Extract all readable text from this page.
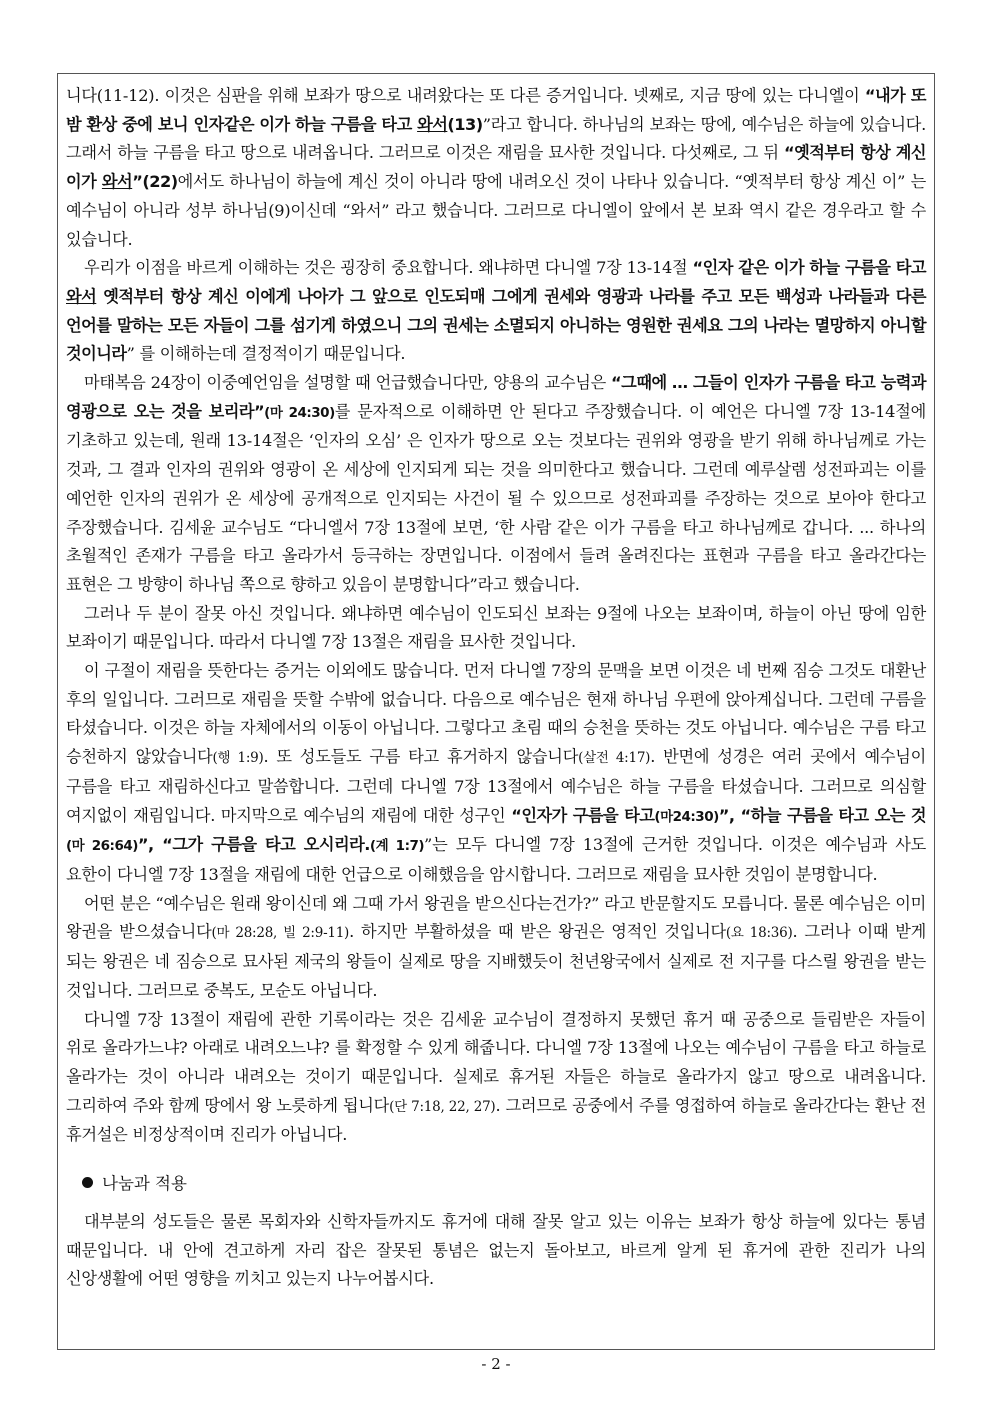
니다(11-12). 이것은 심판을 위해 보좌가 땅으로 내려왔다는 또 다른 증거입니다. 넷째로, 지금 땅에 있는 다니엘이 “내가 또 밤 환상 중에 보니 인자같은 이가 하늘 구름을 타고 와서(13)”라고 합니다. 하나님의 보좌는 땅에, 예수님은 하늘에 있습니다. 그래서 하늘 구름을 타고 땅으로 내려옵니다. 그러므로 이것은 재림을 묘사한 것입니다. 다섯째로, 그 뒤 “옛적부터 항상 계신 이가 와서”(22)에서도 하나님이 하늘에 계신 것이 아니라 땅에 내려오신 것이 나타나 있습니다. “옛적부터 항상 계신 이” 는 예수님이 아니라 성부 하나님(9)이신데 “와서” 라고 했습니다. 그러므로 다니엘이 앞에서 본 보좌 역시 같은 경우라고 할 수 있습니다.

우리가 이점을 바르게 이해하는 것은 굉장히 중요합니다. 왜냐하면 다니엘 7장 13-14절 “인자 같은 이가 하늘 구름을 타고 와서 옛적부터 항상 계신 이에게 나아가 그 앞으로 인도되매 그에게 권세와 영광과 나라를 주고 모든 백성과 나라들과 다른 언어를 말하는 모든 자들이 그를 섬기게 하였으니 그의 권세는 소멸되지 아니하는 영원한 권세요 그의 나라는 멸망하지 아니할 것이니라” 를 이해하는데 결정적이기 때문입니다.

마태복음 24장이 이중예언임을 설명할 때 언급했습니다만, 양용의 교수님은 “그때에 … 그들이 인자가 구름을 타고 능력과 영광으로 오는 것을 보리라”(마 24:30)를 문자적으로 이해하면 안 된다고 주장했습니다. 이 예언은 다니엘 7장 13-14절에 기초하고 있는데, 원래 13-14절은 ‘인자의 오심’ 은 인자가 땅으로 오는 것보다는 권위와 영광을 받기 위해 하나님께로 가는 것과, 그 결과 인자의 권위와 영광이 온 세상에 인지되게 되는 것을 의미한다고 했습니다. 그런데 예루살렘 성전파괴는 이를 예언한 인자의 권위가 온 세상에 공개적으로 인지되는 사건이 될 수 있으므로 성전파괴를 주장하는 것으로 보아야 한다고 주장했습니다. 김세윤 교수님도 “다니엘서 7장 13절에 보면, ‘한 사람 같은 이가 구름을 타고 하나님께로 갑니다. ... 하나의 초월적인 존재가 구름을 타고 올라가서 등극하는 장면입니다. 이점에서 들려 올려진다는 표현과 구름을 타고 올라간다는 표현은 그 방향이 하나님 쪽으로 향하고 있음이 분명합니다”라고 했습니다.

그러나 두 분이 잘못 아신 것입니다. 왜냐하면 예수님이 인도되신 보좌는 9절에 나오는 보좌이며, 하늘이 아닌 땅에 임한 보좌이기 때문입니다. 따라서 다니엘 7장 13절은 재림을 묘사한 것입니다.

이 구절이 재림을 뜻한다는 증거는 이외에도 많습니다. 먼저 다니엘 7장의 문맥을 보면 이것은 네 번째 짐승 그것도 대환난 후의 일입니다. 그러므로 재림을 뜻할 수밖에 없습니다. 다음으로 예수님은 현재 하나님 우편에 앉아계십니다. 그런데 구름을 타셨습니다. 이것은 하늘 자체에서의 이동이 아닙니다. 그렇다고 초림 때의 승천을 뜻하는 것도 아닙니다. 예수님은 구름 타고 승천하지 않았습니다(행 1:9). 또 성도들도 구름 타고 휴거하지 않습니다(살전 4:17). 반면에 성경은 여러 곳에서 예수님이 구름을 타고 재림하신다고 말씀합니다. 그런데 다니엘 7장 13절에서 예수님은 하늘 구름을 타셨습니다. 그러므로 의심할 여지없이 재림입니다. 마지막으로 예수님의 재림에 대한 성구인 “인자가 구름을 타고(마24:30)”, “하늘 구름을 타고 오는 것(마 26:64)”, “그가 구름을 타고 오시리라.(계 1:7)”는 모두 다니엘 7장 13절에 근거한 것입니다. 이것은 예수님과 사도 요한이 다니엘 7장 13절을 재림에 대한 언급으로 이해했음을 암시합니다. 그러므로 재림을 묘사한 것임이 분명합니다.

어떤 분은 “예수님은 원래 왕이신데 왜 그때 가서 왕권을 받으신다는건가?” 라고 반문할지도 모릅니다. 물론 예수님은 이미 왕권을 받으셨습니다(마 28:28, 빌 2:9-11). 하지만 부활하셨을 때 받은 왕권은 영적인 것입니다(요 18:36). 그러나 이때 받게 되는 왕권은 네 짐승으로 묘사된 제국의 왕들이 실제로 땅을 지배했듯이 천년왕국에서 실제로 전 지구를 다스릴 왕권을 받는 것입니다. 그러므로 중복도, 모순도 아닙니다.

다니엘 7장 13절이 재림에 관한 기록이라는 것은 김세윤 교수님이 결정하지 못했던 휴거 때 공중으로 들림받은 자들이 위로 올라가느냐? 아래로 내려오느냐? 를 확정할 수 있게 해줍니다. 다니엘 7장 13절에 나오는 예수님이 구름을 타고 하늘로 올라가는 것이 아니라 내려오는 것이기 때문입니다. 실제로 휴거된 자들은 하늘로 올라가지 않고 땅으로 내려옵니다. 그리하여 주와 함께 땅에서 왕 노릇하게 됩니다(단 7:18, 22, 27). 그러므로 공중에서 주를 영접하여 하늘로 올라간다는 환난 전 휴거설은 비정상적이며 진리가 아닙니다.

나눔과 적용

대부분의 성도들은 물론 목회자와 신학자들까지도 휴거에 대해 잘못 알고 있는 이유는 보좌가 항상 하늘에 있다는 통념 때문입니다. 내 안에 견고하게 자리 잡은 잘못된 통념은 없는지 돌아보고, 바르게 알게 된 휴거에 관한 진리가 나의 신앙생활에 어떤 영향을 끼치고 있는지 나누어봅시다.

- 2 -
